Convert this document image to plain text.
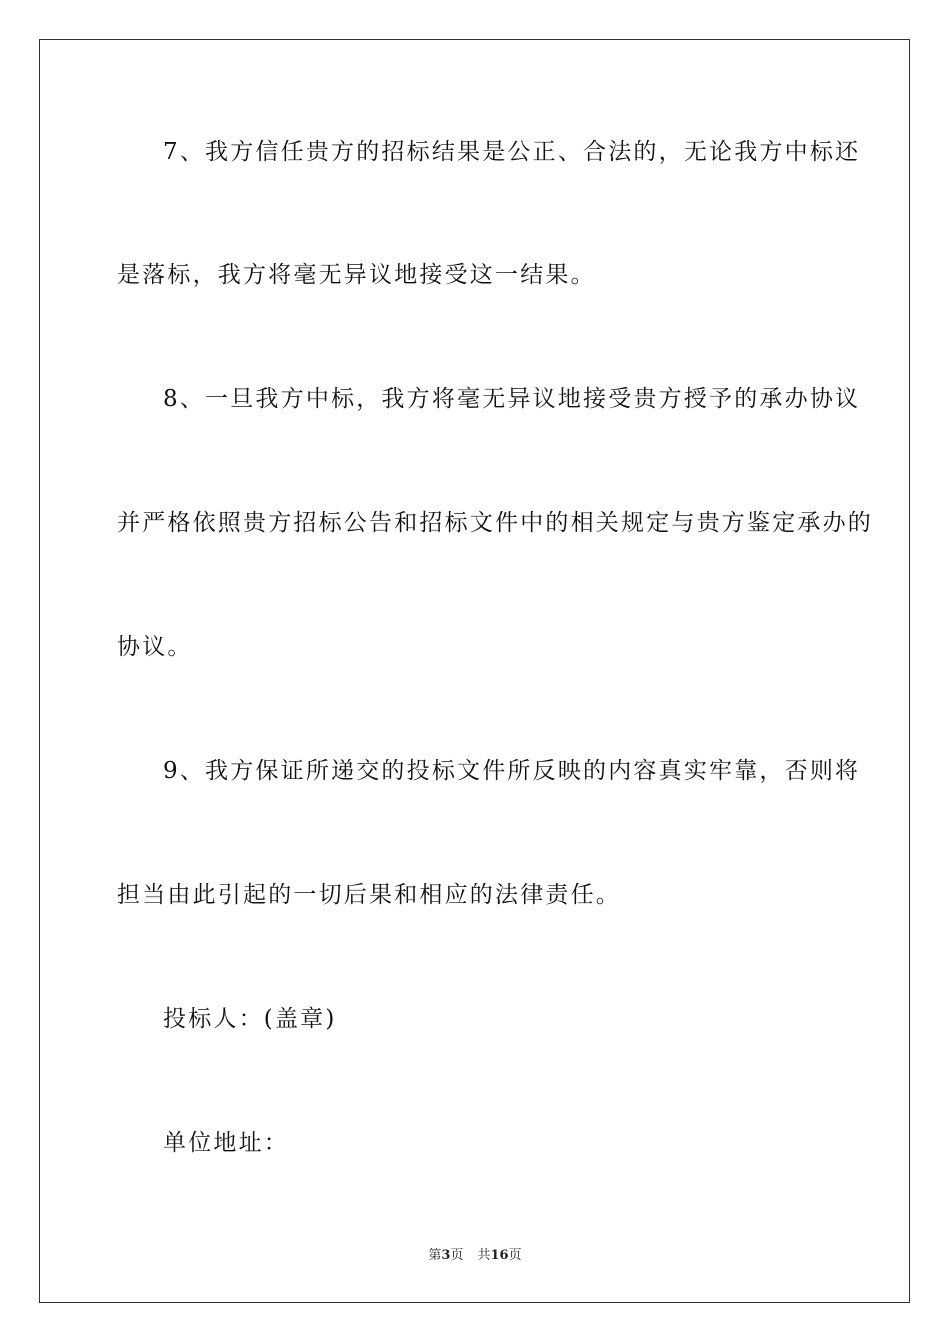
7、我方信任贵方的招标结果是公正、合法的，无论我方中标还
是落标，我方将毫无异议地接受这一结果。
8、一旦我方中标，我方将毫无异议地接受贵方授予的承办协议
并严格依照贵方招标公告和招标文件中的相关规定与贵方鉴定承办的
协议。
9、我方保证所递交的投标文件所反映的内容真实牢靠，否则将
担当由此引起的一切后果和相应的法律责任。
投标人：(盖章)
单位地址：
第3页 共16页
